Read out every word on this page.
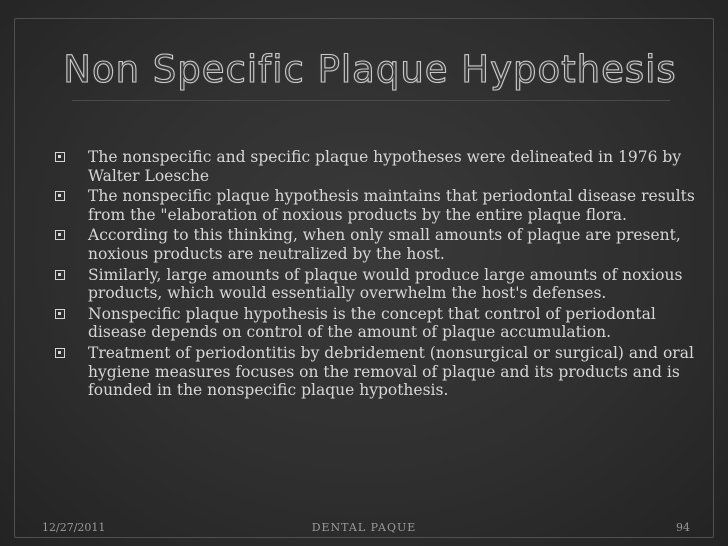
Non Specific Plaque Hypothesis
The nonspecific and specific plaque hypotheses were delineated in 1976 by Walter Loesche
The nonspecific plaque hypothesis maintains that periodontal disease results from the "elaboration of noxious products by the entire plaque flora.
According to this thinking, when only small amounts of plaque are present, noxious products are neutralized by the host.
Similarly, large amounts of plaque would produce large amounts of noxious products, which would essentially overwhelm the host's defenses.
Nonspecific plaque hypothesis is the concept that control of periodontal disease depends on control of the amount of plaque accumulation.
Treatment of periodontitis by debridement (nonsurgical or surgical) and oral hygiene measures focuses on the removal of plaque and its products and is founded in the nonspecific plaque hypothesis.
12/27/2011	DENTAL PAQUE	94
